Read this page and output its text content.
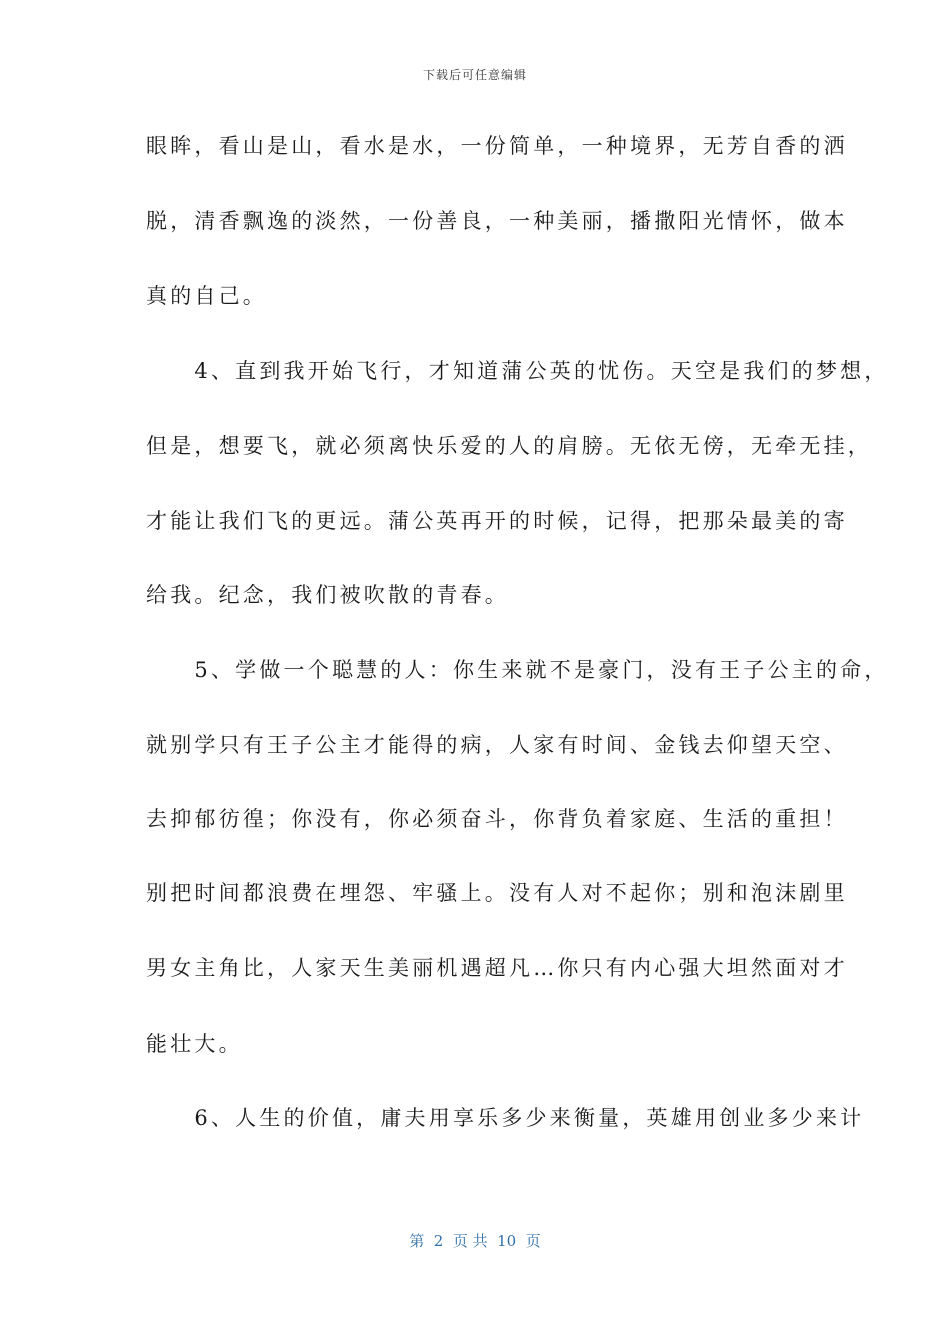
下载后可任意编辑
眼眸，看山是山，看水是水，一份简单，一种境界，无芳自香的洒
脱，清香飘逸的淡然，一份善良，一种美丽，播撒阳光情怀，做本
真的自己。
　　4、直到我开始飞行，才知道蒲公英的忧伤。天空是我们的梦想，
但是，想要飞，就必须离快乐爱的人的肩膀。无依无傍，无牵无挂，
才能让我们飞的更远。蒲公英再开的时候，记得，把那朵最美的寄
给我。纪念，我们被吹散的青春。
　　5、学做一个聪慧的人：你生来就不是豪门，没有王子公主的命，
就别学只有王子公主才能得的病，人家有时间、金钱去仰望天空、
去抑郁彷徨；你没有，你必须奋斗，你背负着家庭、生活的重担！
别把时间都浪费在埋怨、牢骚上。没有人对不起你；别和泡沫剧里
男女主角比，人家天生美丽机遇超凡…你只有内心强大坦然面对才
能壮大。
　　6、人生的价值，庸夫用享乐多少来衡量，英雄用创业多少来计
第  2  页 共  10  页
